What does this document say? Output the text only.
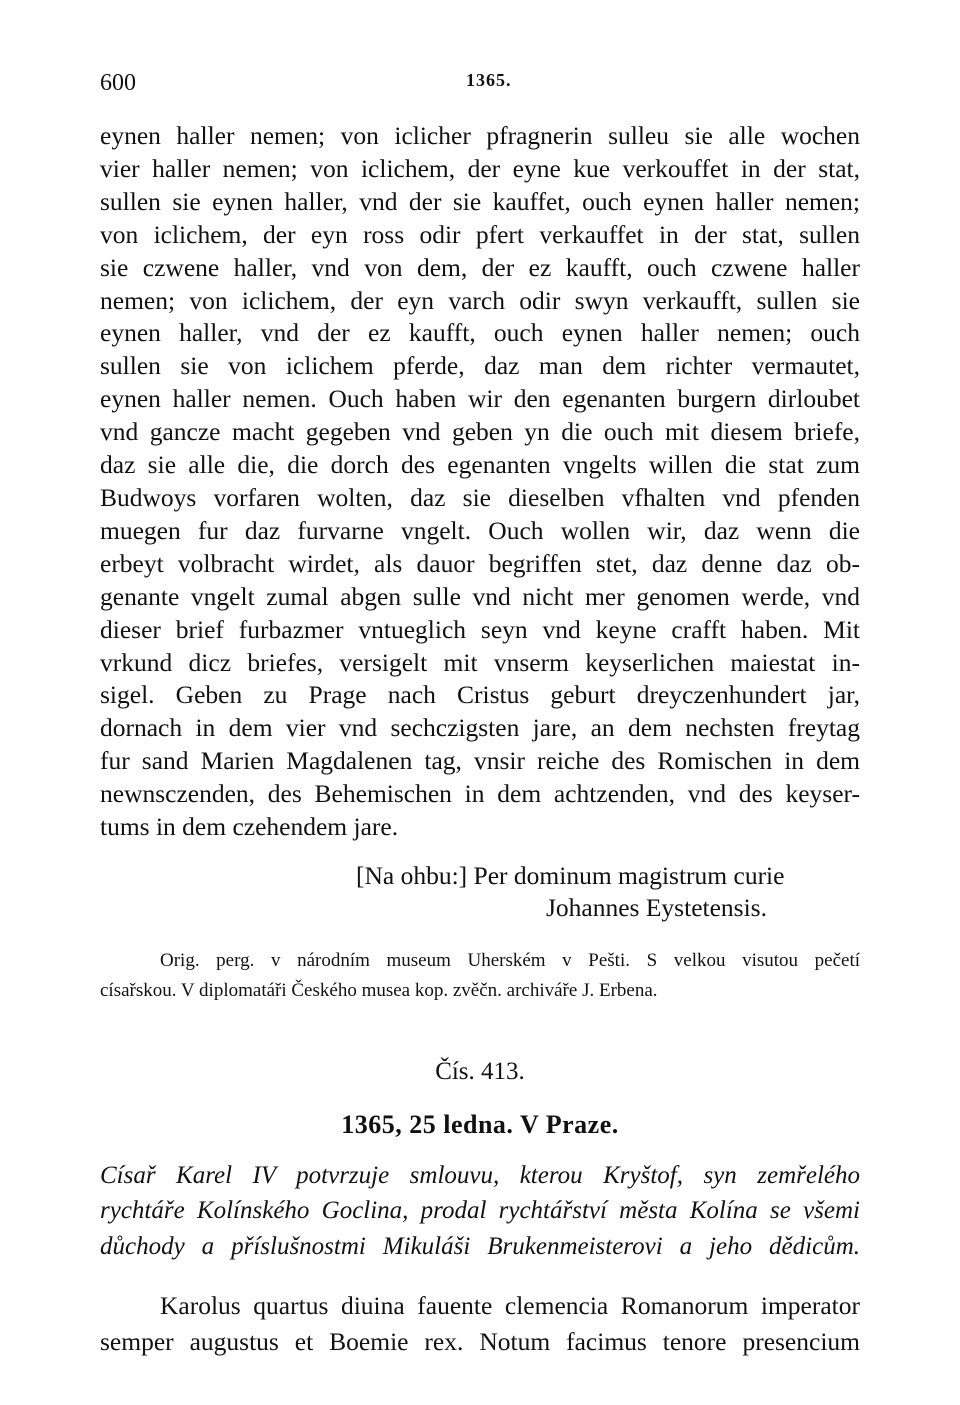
600	1365.
eynen haller nemen; von iclicher pfragnerin sulleu sie alle wochen
vier haller nemen; von iclichem, der eyne kue verkouffet in der stat,
sullen sie eynen haller, vnd der sie kauffet, ouch eynen haller nemen;
von iclichem, der eyn ross odir pfert verkauffet in der stat, sullen
sie czwene haller, vnd von dem, der ez kaufft, ouch czwene haller
nemen; von iclichem, der eyn varch odir swyn verkaufft, sullen sie
eynen haller, vnd der ez kaufft, ouch eynen haller nemen; ouch
sullen sie von iclichem pferde, daz man dem richter vermautet,
eynen haller nemen. Ouch haben wir den egenanten burgern dirloubet
vnd gancze macht gegeben vnd geben yn die ouch mit diesem briefe,
daz sie alle die, die dorch des egenanten vngelts willen die stat zum
Budwoys vorfaren wolten, daz sie dieselben vfhalten vnd pfenden
muegen fur daz furvarne vngelt. Ouch wollen wir, daz wenn die
erbeyt volbracht wirdet, als dauor begriffen stet, daz denne daz ob-
genante vngelt zumal abgen sulle vnd nicht mer genomen werde, vnd
dieser brief furbazmer vntueglich seyn vnd keyne crafft haben. Mit
vrkund dicz briefes, versigelt mit vnserm keyserlichen maiestat in-
sigel. Geben zu Prage nach Cristus geburt dreyczenhundert jar,
dornach in dem vier vnd sechczigsten jare, an dem nechsten freytag
fur sand Marien Magdalenen tag, vnsir reiche des Romischen in dem
newnsczenden, des Behemischen in dem achtzenden, vnd des keyser-
tums in dem czehendem jare.
[Na ohbu:] Per dominum magistrum curie
Johannes Eystetensis.
Orig. perg. v národním museum Uherském v Pešti. S velkou visutou pečetí
císařskou. V diplomatáři Českého musea kop. zvěčn. archiváře J. Erbena.
Čís. 413.
1365, 25 ledna. V Praze.
Císař Karel IV potvrzuje smlouvu, kterou Kryštof, syn zemřelého
rychtáře Kolínského Goclina, prodal rychtářství města Kolína se všemi
důchody a příslušnostmi Mikuláši Brukenmeisterovi a jeho dědicům.
Karolus quartus diuina fauente clemencia Romanorum imperator
semper augustus et Boemie rex. Notum facimus tenore presencium
